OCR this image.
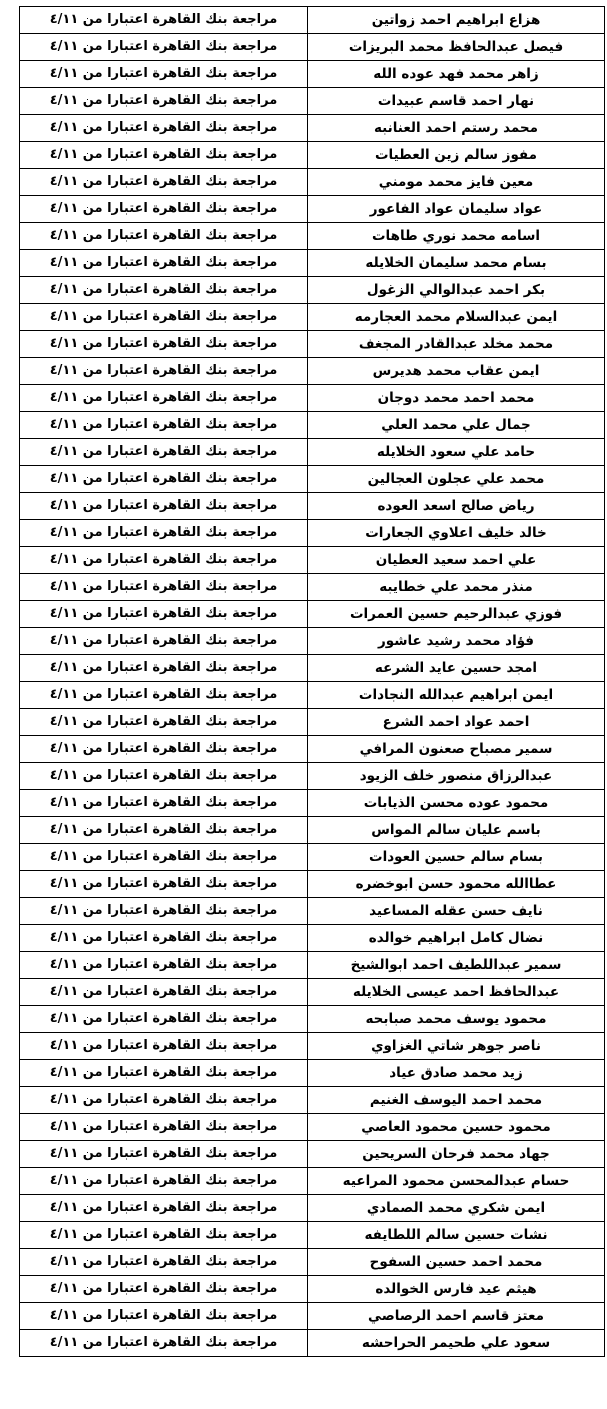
هزاع ابراهيم احمد زواتين	مراجعة بنك القاهرة اعتبارا من ٤/١١
فيصل عبدالحافظ محمد البريزات	مراجعة بنك القاهرة اعتبارا من ٤/١١
زاهر محمد فهد عوده الله	مراجعة بنك القاهرة اعتبارا من ٤/١١
نهار احمد قاسم عبيدات	مراجعة بنك القاهرة اعتبارا من ٤/١١
محمد رستم احمد العنانبه	مراجعة بنك القاهرة اعتبارا من ٤/١١
مفوز سالم زين العطيات	مراجعة بنك القاهرة اعتبارا من ٤/١١
معين فايز محمد مومني	مراجعة بنك القاهرة اعتبارا من ٤/١١
عواد سليمان عواد الفاعور	مراجعة بنك القاهرة اعتبارا من ٤/١١
اسامه محمد نوري طاهات	مراجعة بنك القاهرة اعتبارا من ٤/١١
بسام محمد سليمان الخلايله	مراجعة بنك القاهرة اعتبارا من ٤/١١
بكر احمد عبدالوالي الزغول	مراجعة بنك القاهرة اعتبارا من ٤/١١
ايمن عبدالسلام محمد العجارمه	مراجعة بنك القاهرة اعتبارا من ٤/١١
محمد مخلد عبدالقادر المجغف	مراجعة بنك القاهرة اعتبارا من ٤/١١
ايمن عقاب محمد هديرس	مراجعة بنك القاهرة اعتبارا من ٤/١١
محمد احمد محمد دوجان	مراجعة بنك القاهرة اعتبارا من ٤/١١
جمال علي محمد العلي	مراجعة بنك القاهرة اعتبارا من ٤/١١
حامد علي سعود الخلايله	مراجعة بنك القاهرة اعتبارا من ٤/١١
محمد علي عجلون العجالين	مراجعة بنك القاهرة اعتبارا من ٤/١١
رياض صالح اسعد العوده	مراجعة بنك القاهرة اعتبارا من ٤/١١
خالد خليف اعلاوي الجعارات	مراجعة بنك القاهرة اعتبارا من ٤/١١
علي احمد سعيد العطيان	مراجعة بنك القاهرة اعتبارا من ٤/١١
منذر محمد علي خطايبه	مراجعة بنك القاهرة اعتبارا من ٤/١١
فوزي عبدالرحيم حسين العمرات	مراجعة بنك القاهرة اعتبارا من ٤/١١
فؤاد محمد رشيد عاشور	مراجعة بنك القاهرة اعتبارا من ٤/١١
امجد حسين عايد الشرعه	مراجعة بنك القاهرة اعتبارا من ٤/١١
ايمن ابراهيم عبدالله النجادات	مراجعة بنك القاهرة اعتبارا من ٤/١١
احمد عواد احمد الشرع	مراجعة بنك القاهرة اعتبارا من ٤/١١
سمير مصباح صعنون المرافي	مراجعة بنك القاهرة اعتبارا من ٤/١١
عبدالرزاق منصور خلف الزيود	مراجعة بنك القاهرة اعتبارا من ٤/١١
محمود عوده محسن الذيابات	مراجعة بنك القاهرة اعتبارا من ٤/١١
باسم عليان سالم المواس	مراجعة بنك القاهرة اعتبارا من ٤/١١
بسام سالم حسين العودات	مراجعة بنك القاهرة اعتبارا من ٤/١١
عطاالله محمود حسن ابوخضره	مراجعة بنك القاهرة اعتبارا من ٤/١١
نايف حسن عقله المساعيد	مراجعة بنك القاهرة اعتبارا من ٤/١١
نضال كامل ابراهيم خوالده	مراجعة بنك القاهرة اعتبارا من ٤/١١
سمير عبداللطيف احمد ابوالشيخ	مراجعة بنك القاهرة اعتبارا من ٤/١١
عبدالحافظ احمد عيسى الخلايله	مراجعة بنك القاهرة اعتبارا من ٤/١١
محمود يوسف محمد صبابحه	مراجعة بنك القاهرة اعتبارا من ٤/١١
ناصر جوهر شاتي الغزاوي	مراجعة بنك القاهرة اعتبارا من ٤/١١
زيد محمد صادق عياد	مراجعة بنك القاهرة اعتبارا من ٤/١١
محمد احمد اليوسف الغنيم	مراجعة بنك القاهرة اعتبارا من ٤/١١
محمود حسين محمود العاصي	مراجعة بنك القاهرة اعتبارا من ٤/١١
جهاد محمد فرحان السريحين	مراجعة بنك القاهرة اعتبارا من ٤/١١
حسام عبدالمحسن محمود المراعيه	مراجعة بنك القاهرة اعتبارا من ٤/١١
ايمن شكري محمد الصمادي	مراجعة بنك القاهرة اعتبارا من ٤/١١
نشات حسين سالم اللطايفه	مراجعة بنك القاهرة اعتبارا من ٤/١١
محمد احمد حسين السفوح	مراجعة بنك القاهرة اعتبارا من ٤/١١
هيثم عيد فارس الخوالده	مراجعة بنك القاهرة اعتبارا من ٤/١١
معتز قاسم احمد الرصاصي	مراجعة بنك القاهرة اعتبارا من ٤/١١
سعود علي طحيمر الحراحشه	مراجعة بنك القاهرة اعتبارا من ٤/١١
